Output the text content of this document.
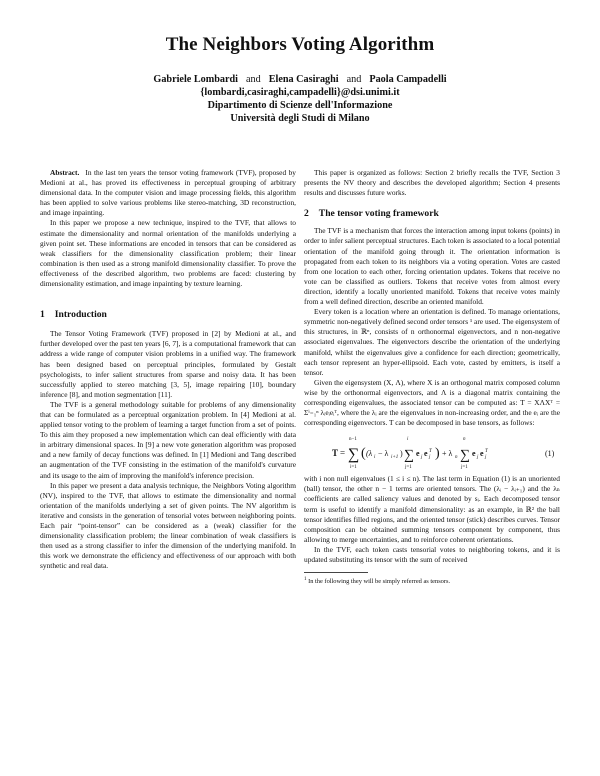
The Neighbors Voting Algorithm
Gabriele Lombardi and Elena Casiraghi and Paola Campadelli
{lombardi,casiraghi,campadelli}@dsi.unimi.it
Dipartimento di Scienze dell'Informazione
Università degli Studi di Milano

Abstract. In the last ten years the tensor voting framework (TVF), proposed by Medioni at al., has proved its effectiveness in perceptual grouping of arbitrary dimensional data. In the computer vision and image processing fields, this algorithm has been applied to solve various problems like stereo-matching, 3D reconstruction, and image inpainting.

In this paper we propose a new technique, inspired to the TVF, that allows to estimate the dimensionality and normal orientation of the manifolds underlying a given point set. These informations are encoded in tensors that can be considered as weak classifiers for the dimensionality classification problem; their linear combination is then used as a strong manifold dimensionality classifier. To prove the effectiveness of the described algorithm, two problems are faced: clustering by dimensionality estimation, and image inpainting by texture learning.

1 Introduction

The Tensor Voting Framework (TVF) proposed in [2] by Medioni at al., and further developed over the past ten years [6, 7], is a computational framework that can address a wide range of computer vision problems in a unified way. The framework has been designed based on perceptual principles, formulated by Gestalt psychologists, to infer salient structures from sparse and noisy data. It has been successfully applied to stereo matching [3, 5], image repairing [10], boundary inference [8], and motion segmentation [11].

The TVF is a general methodology suitable for problems of any dimensionality that can be formulated as a perceptual organization problem. In [4] Medioni at al. applied tensor voting to the problem of learning a target function from a set of points. To this aim they proposed a new implementation which can deal efficiently with data in arbitrary dimensional spaces. In [9] a new vote generation algorithm was proposed and a new family of decay functions was defined. In [1] Medioni and Tang described an augmentation of the TVF consisting in the estimation of the manifold's curvature and its usage to the aim of improving the manifold's inference precision.

In this paper we present a data analysis technique, the Neighbors Voting algorithm (NV), inspired to the TVF, that allows to estimate the dimensionality and normal orientation of the manifolds underlying a set of given points. The NV algorithm is iterative and consists in the generation of tensorial votes between neighboring points. Each pair “point-tensor” can be considered as a (weak) classifier for the dimensionality classification problem; the linear combination of weak classifiers is then used as a strong classifier to infer the dimension of the underlying manifold. In this work we demonstrate the efficiency and effectiveness of our approach with both synthetic and real data.

This paper is organized as follows: Section 2 briefly recalls the TVF, Section 3 presents the NV theory and describes the developed algorithm; Section 4 presents results and discusses future works.

2 The tensor voting framework

The TVF is a mechanism that forces the interaction among input tokens (points) in order to infer salient perceptual structures. Each token is associated to a local potential orientation of the manifold going through it. The orientation information is propagated from each token to its neighbors via a voting operation. Votes are casted from one location to each other, forcing orientation updates. Tokens that receive no vote can be classified as outliers. Tokens that receive votes from almost every direction, identify a locally unoriented manifold. Tokens that receive votes mainly from a well defined direction, describe an oriented manifold.

Every token is a location where an orientation is defined. To manage orientations, symmetric non-negatively defined second order tensors ¹ are used. The eigensystem of this structures, in ℝⁿ, consists of n orthonormal eigenvectors, and n non-negative associated eigenvalues. The eigenvectors describe the orientation of the underlying manifold, whilst the eigenvalues give a confidence for each direction; geometrically, each tensor represent an hyper-ellipsoid. Each vote, casted by emitters, is itself a tensor.

Given the eigensystem (X, Λ), where X is an orthogonal matrix composed column wise by the orthonormal eigenvectors, and Λ is a diagonal matrix containing the corresponding eigenvalues, the associated tensor can be computed as: T = XΛXᵀ = Σⁱ₌₁ⁿ λᵢeᵢeᵢᵀ, where the λᵢ are the eigenvalues in non-increasing order, and the eᵢ are the corresponding eigenvectors. T can be decomposed in base tensors, as follows:

T =
n−1
∑
i=1
( (λ i − λ i+1 )
i
∑
j=1
e j e j
T ) + λ n
n
∑
j=1
e j e j
T	(1)

with i non null eigenvalues (1 ≤ i ≤ n). The last term in Equation (1) is an unoriented (ball) tensor, the other n − 1 terms are oriented tensors. The (λᵢ − λᵢ₊₁) and the λₙ coefficients are called saliency values and denoted by sᵢ. Each decomposed tensor term is useful to identify a manifold dimensionality: as an example, in ℝ² the ball tensor identifies filled regions, and the oriented tensor (stick) describes curves. Tensor composition can be obtained summing tensors component by component, thus allowing to merge uncertainties, and to reinforce coherent orientations.

In the TVF, each token casts tensorial votes to neighboring tokens, and it is updated substituting its tensor with the sum of received

$^1$ In the following they will be simply referred as tensors.
